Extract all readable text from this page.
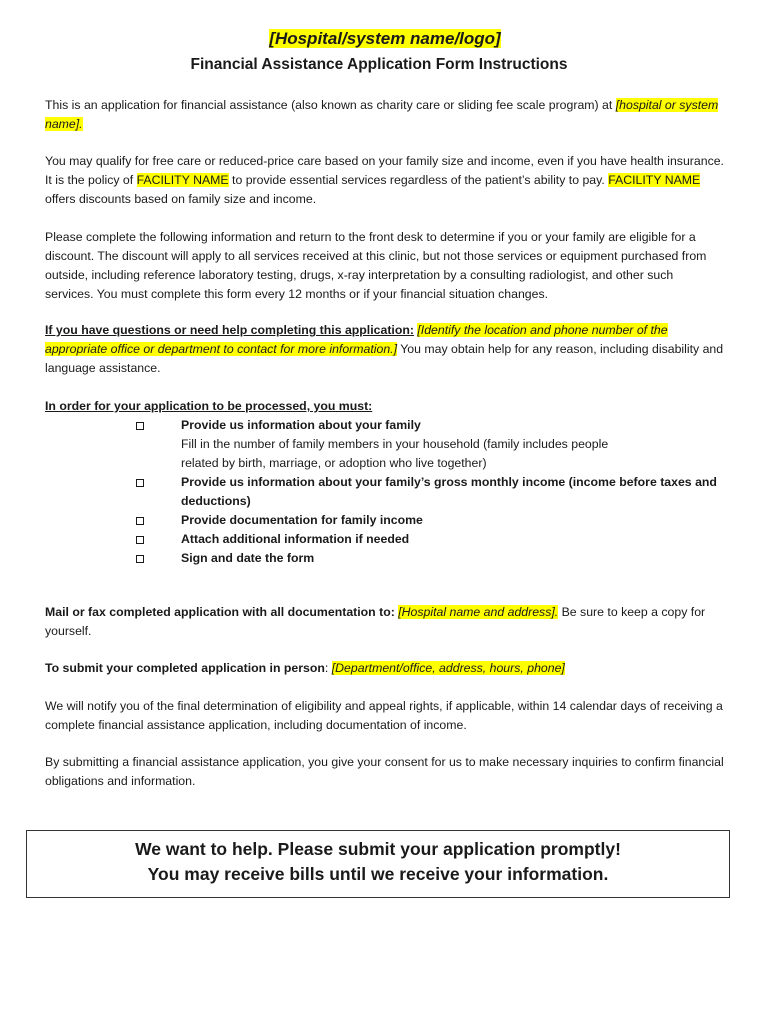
[Hospital/system name/logo]
Financial Assistance Application Form Instructions
This is an application for financial assistance (also known as charity care or sliding fee scale program) at [hospital or system name].
You may qualify for free care or reduced-price care based on your family size and income, even if you have health insurance. It is the policy of FACILITY NAME to provide essential services regardless of the patient’s ability to pay. FACILITY NAME offers discounts based on family size and income.
Please complete the following information and return to the front desk to determine if you or your family are eligible for a discount. The discount will apply to all services received at this clinic, but not those services or equipment purchased from outside, including reference laboratory testing, drugs, x-ray interpretation by a consulting radiologist, and other such services. You must complete this form every 12 months or if your financial situation changes.
If you have questions or need help completing this application: [Identify the location and phone number of the appropriate office or department to contact for more information.] You may obtain help for any reason, including disability and language assistance.
In order for your application to be processed, you must:
Provide us information about your family
Fill in the number of family members in your household (family includes people related by birth, marriage, or adoption who live together)
Provide us information about your family’s gross monthly income (income before taxes and deductions)
Provide documentation for family income
Attach additional information if needed
Sign and date the form
Mail or fax completed application with all documentation to: [Hospital name and address]. Be sure to keep a copy for yourself.
To submit your completed application in person: [Department/office, address, hours, phone]
We will notify you of the final determination of eligibility and appeal rights, if applicable, within 14 calendar days of receiving a complete financial assistance application, including documentation of income.
By submitting a financial assistance application, you give your consent for us to make necessary inquiries to confirm financial obligations and information.
We want to help. Please submit your application promptly!
You may receive bills until we receive your information.
